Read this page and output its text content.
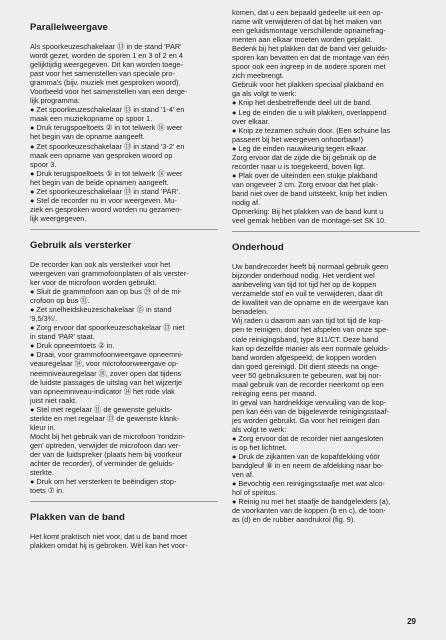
Parallelweergave

Als spoorkeuzeschakelaar ⑬ in de stand 'PAR'
wordt gezet, worden de sporen 1 en 3 of 2 en 4
gelijktijdig weergegeven. Dit kan worden toege-
past voor het samenstellen van speciale pro-
gramma's (bijv. muziek met gesproken woord).
Voorbeeld voor het samenstellen van een derge-
lijk programma:
● Zet spoorkeuzeschakelaar ⑬ in stand '1-4' en
maak een muziekopname op spoor 1.
● Druk terugspoeltoets ② in tot telwerk ⑯ weer
het begin van de opname aangeeft.
● Zet spoorkeuzeschakelaar ⑬ in stand '3-2' en
maak een opname van gesproken woord op
spoor 3.
● Druk terugspoeltoets ⑤ in tot telwerk ⑯ weer
het begin van de beide opnamen aangeeft.
● Zet spoorkeuzeschakelaar ⑬ in stand 'PAR'.
● Stel de recorder nu in voor weergeven. Mu-
ziek en gesproken woord worden nu gezamen-
lijk weergegeven.

Gebruik als versterker

De recorder kan ook als versterker voor het
weergeven van grammofoonplaten of als verster-
ker voor de microfoon worden gebruikt.
● Sluit de grammofoon aan op bus ㉙ of de mi-
crofoon op bus ㉛.
● Zet snelheidskeuzeschakelaar ⑮ in stand
'9,5/3¾'.
● Zorg ervoor dat spoorkeuzeschakelaar ⑬ niet
in stand 'PAR' staat.
● Druk opneemtoets ② in.
● Draai, voor grammofoonweergave opneemni-
veauregelaar ⑭, voor microfoonweergave op-
neemniveauregelaar ⑱, zover open dat tijdens
de luidste passages de uitslag van het wijzertje
van opneemniveau-indicator ⑭ het rode vlak
juist niet raakt.
● Stel met regelaar ⑪ de gewenste geluids-
sterkte en met regelaar ⑬ de gewenste klank-
kleur in.
Mocht bij het gebruik van de microfoon 'rondzin-
gen' optreden, verwijder de microfoon dan ver-
der van de luidspreker (plaats hem bij voorkeur
achter de recorder), of verminder de geluids-
sterkte.
● Druk om het versterken te beëindigen stop-
toets ⑦ in.

Plakken van de band

Het komt praktisch niet voor, dat u de band moet
plakken omdat hij is gebroken. Wèl kan het voor-

komen, dat u een bepaald gedeelte uit een op-
name wilt verwijderen of dat bij het maken van
een geluidsmontage verschillende opnamefrag-
menten aan elkaar moeten worden geplakt.
Bedenk bij het plakken dat de band vier geluids-
sporen kan bevatten en dat de montage van één
spoor ook een ingreep in de andere sporen met
zich meebrengt.
Gebruik voor het plakken speciaal plakband en
ga als volgt te werk:
● Knip het desbetreffende deel uit de band.
● Leg de einden die u wilt plakken, overlappend
over elkaar.
● Knip ze tezamen schuin door. (Een schuine las
passeert bij het weergeven onhoorbaar!)
● Leg de einden nauwkeurig tegen elkaar.
Zorg ervoor dat de zijde die bij gebruik op de
recorder naar u is toegekeerd, boven ligt.
● Plak over de uiteinden een stukje plakband
van ongeveer 2 cm. Zorg ervoor dat het plak-
band niet over de band uitsteekt, knip het indien
nodig af.
Opmerking: Bij het plakken van de band kunt u
veel gemak hebben van de montage-set SK 10.

Onderhoud

Uw bandrecorder heeft bij normaal gebruik geen
bijzonder onderhoud nodig. Het verdient wel
aanbeveling van tijd tot tijd het op de koppen
verzamelde stof en vuil te verwijderen, daar dit
de kwaliteit van de opname en de weergave kan
benadelen.
Wij raden u daarom aan van tijd tot tijd de kop-
pen te reinigen, door het afspelen van onze spe-
ciale reinigingsband, type 811/CT. Deze band
kan op dezelfde manier als een normale geluids-
band worden afgespeeld; de koppen worden
dan goed gereinigd. Dit dient steeds na onge-
veer 50 gebruiksuren te gebeuren, wat bij nor-
maal gebruik van de recorder neerkomt op een
reiniging eens per maand.
In geval van hardnekkige vervuiling van de kop-
pen kan één van de bijgeleverde reinigingsstaaf-
jes worden gebruikt. Ga voor het reinigen dan
als volgt te werk:
● Zorg ervoor dat de recorder niet aangesloten
is op het lichtnet.
● Druk de zijkanten van de kopafdekking vóór
bandgleuf ⑧ in en neem de afdekking naar bo-
ven af.
● Bevochtig een reinigingsstaafje met wat alco-
hol of spiritus.
● Reinig nu met het staafje de bandgeleiders (a),
de voorkanten van de koppen (b en c), de toon-
as (d) en de rubber aandrukrol (fig. 9).

29
